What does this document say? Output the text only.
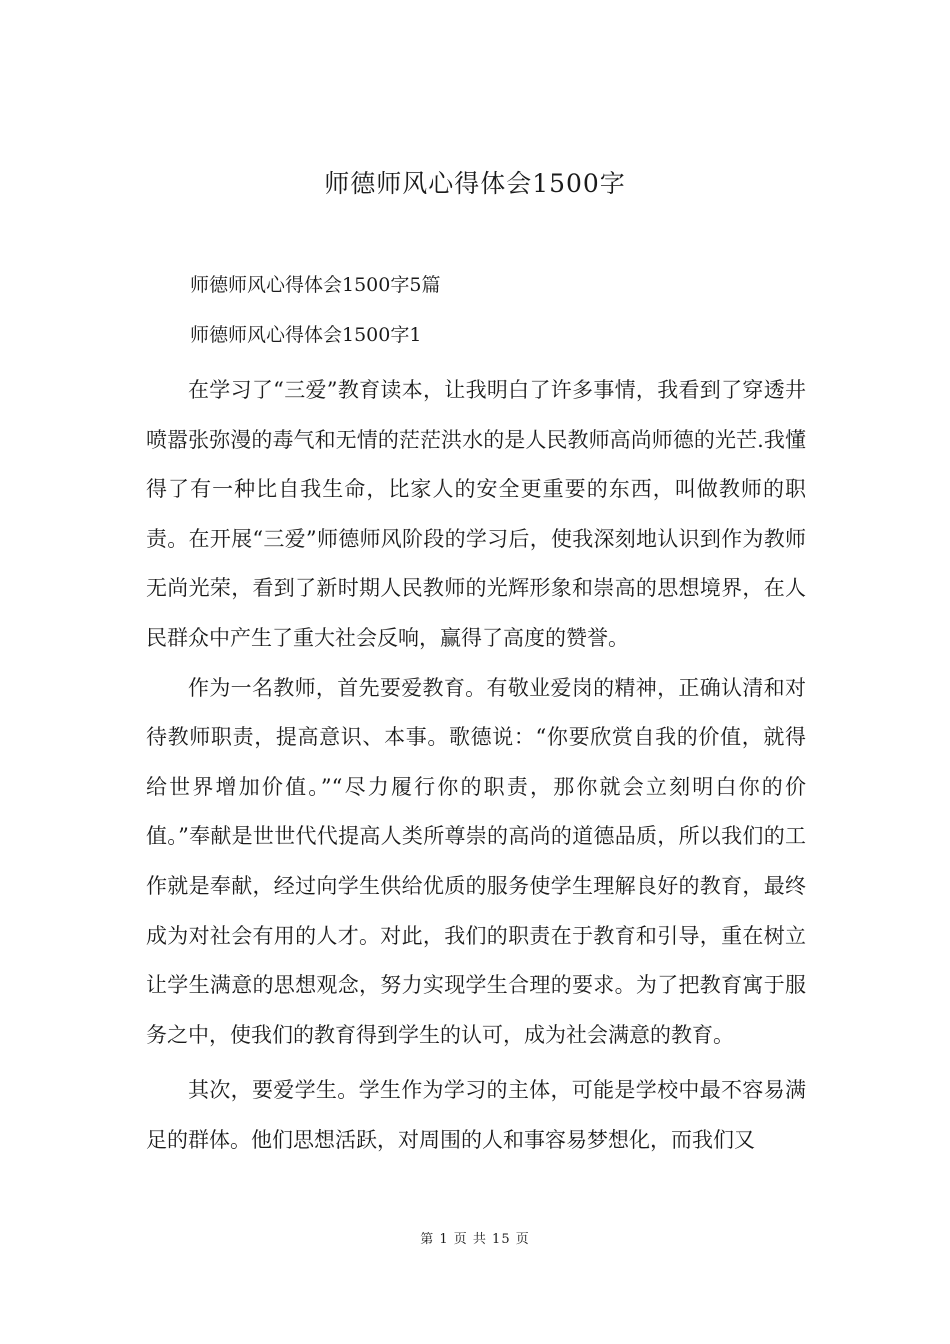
师德师风心得体会1500字
师德师风心得体会1500字5篇
师德师风心得体会1500字1

在学习了“三爱”教育读本，让我明白了许多事情，我看到了穿透井喷嚣张弥漫的毒气和无情的茫茫洪水的是人民教师高尚师德的光芒.我懂得了有一种比自我生命，比家人的安全更重要的东西，叫做教师的职责。在开展“三爱”师德师风阶段的学习后，使我深刻地认识到作为教师无尚光荣，看到了新时期人民教师的光辉形象和崇高的思想境界，在人民群众中产生了重大社会反响，赢得了高度的赞誉。

作为一名教师，首先要爱教育。有敬业爱岗的精神，正确认清和对待教师职责，提高意识、本事。歌德说：“你要欣赏自我的价值，就得给世界增加价值。”“尽力履行你的职责，那你就会立刻明白你的价值。”奉献是世世代代提高人类所尊崇的高尚的道德品质，所以我们的工作就是奉献，经过向学生供给优质的服务使学生理解良好的教育，最终成为对社会有用的人才。对此，我们的职责在于教育和引导，重在树立让学生满意的思想观念，努力实现学生合理的要求。为了把教育寓于服务之中，使我们的教育得到学生的认可，成为社会满意的教育。

其次，要爱学生。学生作为学习的主体，可能是学校中最不容易满足的群体。他们思想活跃，对周围的人和事容易梦想化，而我们又

第 1 页 共 15 页
